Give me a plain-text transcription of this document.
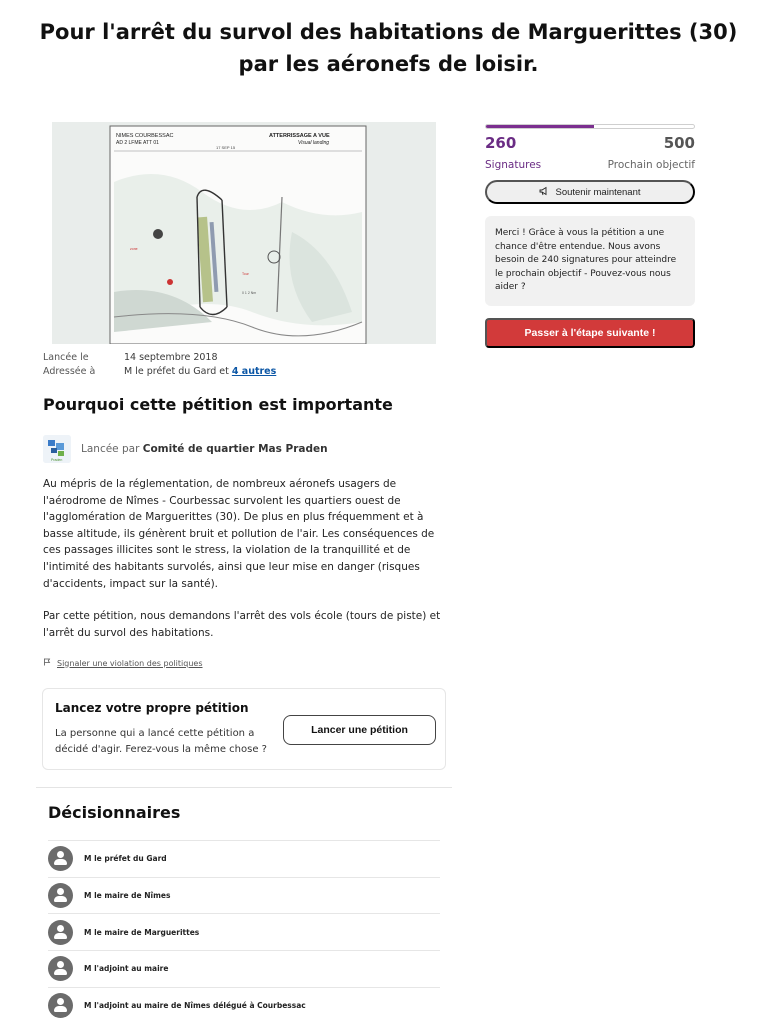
Pour l'arrêt du survol des habitations de Marguerittes (30) par les aéronefs de loisir.
NIMES COURBESSAC
AD 2 LFME ATT 01
ATTERRISSAGE A VUE
Visual landing
17 SEP 15
zone
Tour
0 1 2 Nm
Lancée le	14 septembre 2018
Adressée à	M le préfet du Gard et 4 autres
Pourquoi cette pétition est importante
Praden
Lancée par Comité de quartier Mas Praden

Au mépris de la réglementation, de nombreux aéronefs usagers de l'aérodrome de Nîmes - Courbessac survolent les quartiers ouest de l'agglomération de Marguerittes (30). De plus en plus fréquemment et à basse altitude, ils génèrent bruit et pollution de l'air. Les conséquences de ces passages illicites sont le stress, la violation de la tranquillité et de l'intimité des habitants survolés, ainsi que leur mise en danger (risques d'accidents, impact sur la santé).

Par cette pétition, nous demandons l'arrêt des vols école (tours de piste) et l'arrêt du survol des habitations.

Signaler une violation des politiques
Lancez votre propre pétition
La personne qui a lancé cette pétition a décidé d'agir. Ferez-vous la même chose ?
Lancer une pétition
Décisionnaires
M le préfet du Gard
M le maire de Nîmes
M le maire de Marguerittes
M l'adjoint au maire
M l'adjoint au maire de Nîmes délégué à Courbessac
260	500
Signatures	Prochain objectif
Soutenir maintenant
Merci ! Grâce à vous la pétition a une chance d'être entendue. Nous avons besoin de 240 signatures pour atteindre le prochain objectif - Pouvez-vous nous aider ?
Passer à l'étape suivante !
